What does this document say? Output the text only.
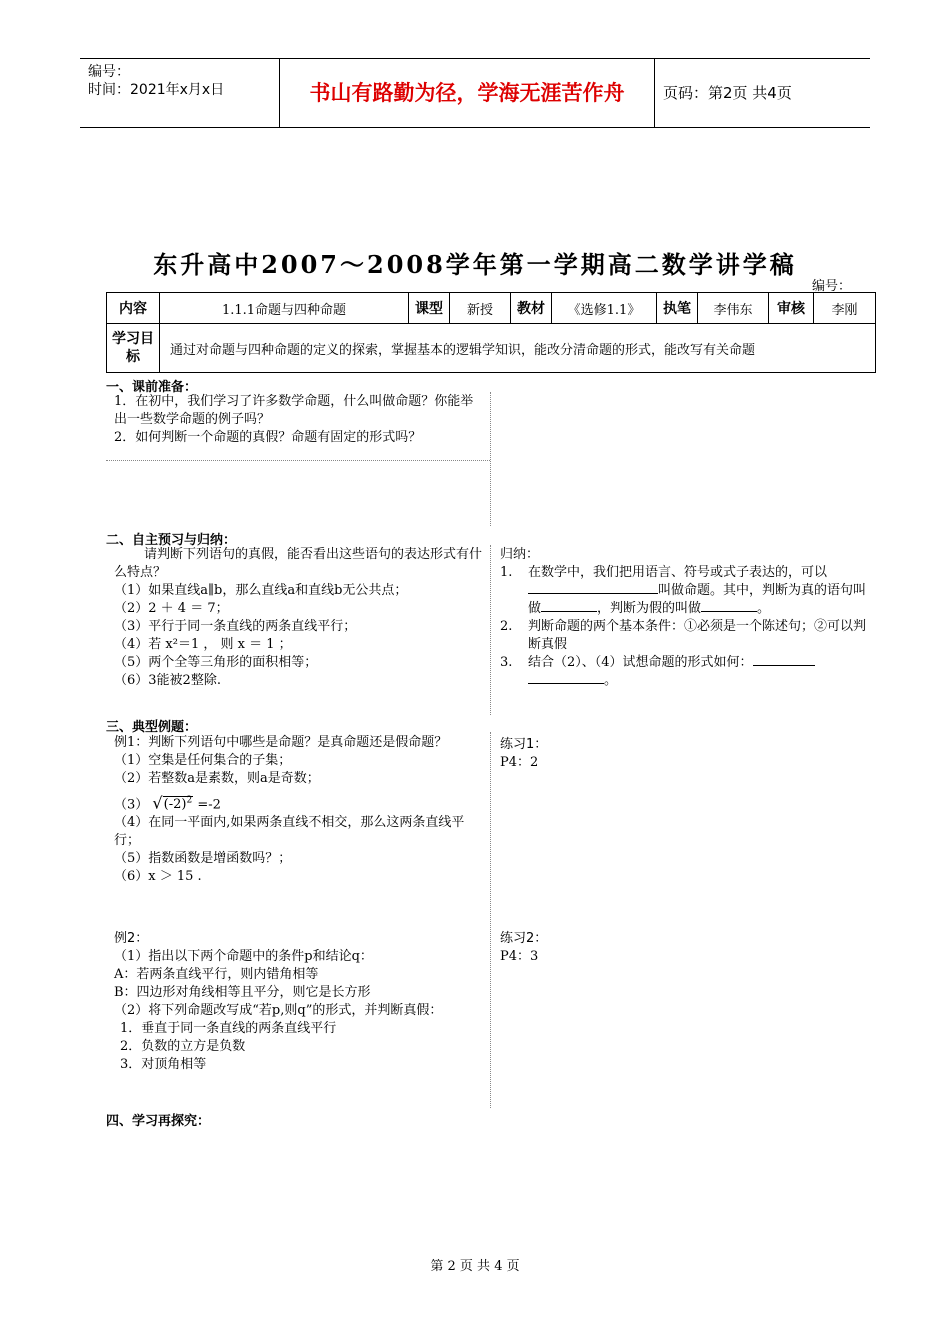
编号：
时间：2021年x月x日	书山有路勤为径，学海无涯苦作舟	页码：第2页 共4页
东升高中2007～2008学年第一学期高二数学讲学稿
编号：
内容	1.1.1命题与四种命题	课型	新授	教材	《选修1.1》	执笔	李伟东	审核	李刚
学习目标	通过对命题与四种命题的定义的探索，掌握基本的逻辑学知识，能改分清命题的形式，能改写有关命题								
一、课前准备：
1．在初中，我们学习了许多数学命题，什么叫做命题？你能举出一些数学命题的例子吗？
2．如何判断一个命题的真假？命题有固定的形式吗？
二、自主预习与归纳：
请判断下列语句的真假，能否看出这些语句的表达形式有什么特点？
（1）如果直线a∥b，那么直线a和直线b无公共点；
（2）2 ＋ 4 ＝ 7；
（3）平行于同一条直线的两条直线平行；
（4）若 x²＝1 ， 则 x ＝ 1 ；
（5）两个全等三角形的面积相等；
（6）3能被2整除.
归纳：
1.	在数学中，我们把用语言、符号或式子表达的，可以叫做命题。其中，判断为真的语句叫做	，判断为假的叫做	。
2.	判断命题的两个基本条件：①必须是一个陈述句；②可以判断真假
3.	结合（2）、（4）试想命题的形式如何：
。
三、典型例题：
例1：判断下列语句中哪些是命题？是真命题还是假命题？
（1）空集是任何集合的子集；
（2）若整数a是素数，则a是奇数；
（3） $√(-2)^2 =-2$
（4）在同一平面内,如果两条直线不相交，那么这两条直线平行；
（5）指数函数是增函数吗？；
（6）x ＞ 15 .
练习1：
P4：2
例2：
（1）指出以下两个命题中的条件p和结论q：
A：若两条直线平行，则内错角相等
B：四边形对角线相等且平分，则它是长方形
（2）将下列命题改写成“若p,则q”的形式，并判断真假：
1．垂直于同一条直线的两条直线平行
2．负数的立方是负数
3．对顶角相等
练习2：
P4：3
四、学习再探究：
第 2 页 共 4 页
